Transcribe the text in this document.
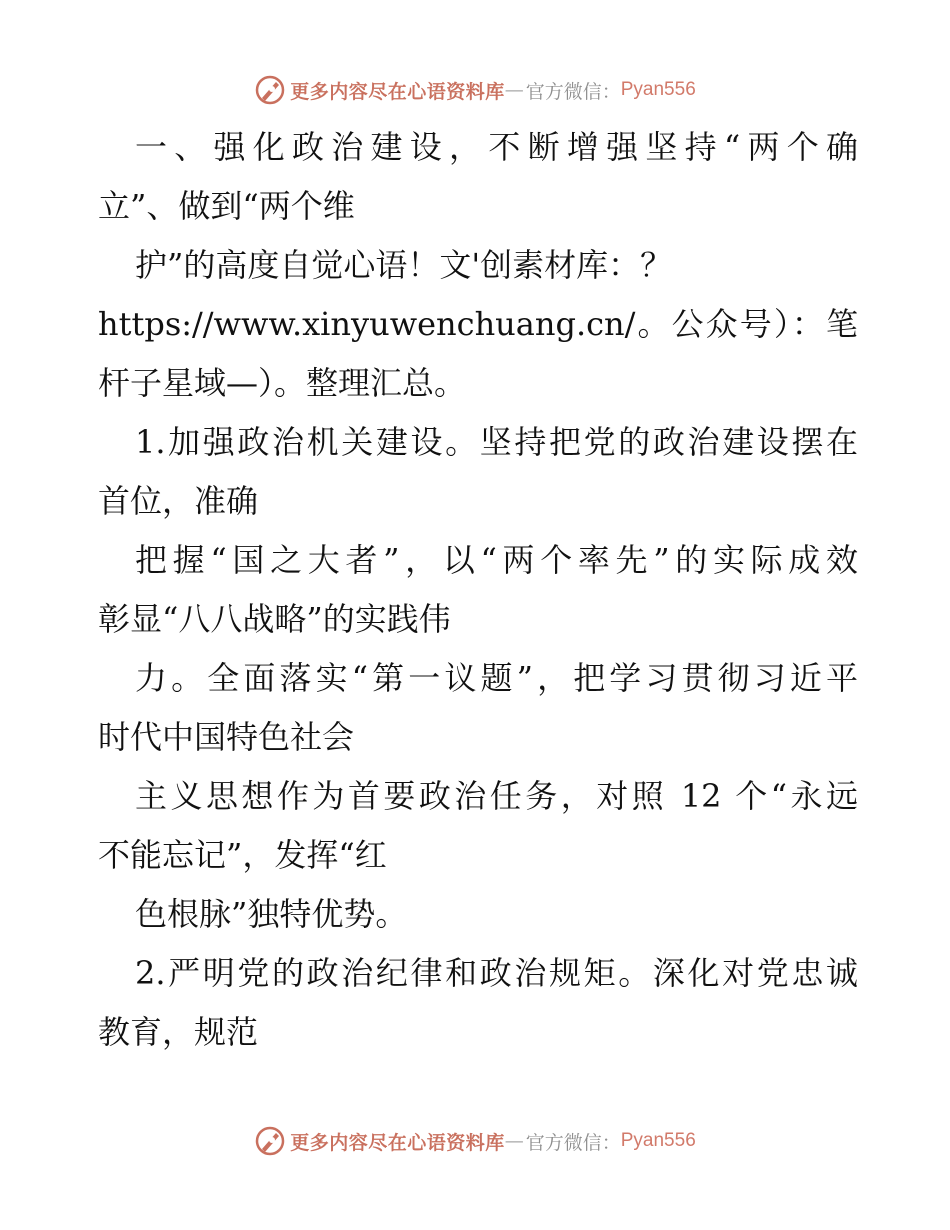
更多内容尽在心语资料库 — 官方微信： Pyan556
一、强化政治建设，不断增强坚持“两个确
立”、做到“两个维
护”的高度自觉心语！文'创素材库：？
https://www.xinyuwenchuang.cn/。公众号）：笔
杆子星域—）。整理汇总。
1.加强政治机关建设。坚持把党的政治建设摆在
首位，准确
把握“国之大者”，以“两个率先”的实际成效
彰显“八八战略”的实践伟
力。全面落实“第一议题”，把学习贯彻习近平
时代中国特色社会
主义思想作为首要政治任务，对照 12 个“永远
不能忘记”，发挥“红
色根脉”独特优势。
2.严明党的政治纪律和政治规矩。深化对党忠诚
教育，规范
更多内容尽在心语资料库 — 官方微信： Pyan556
